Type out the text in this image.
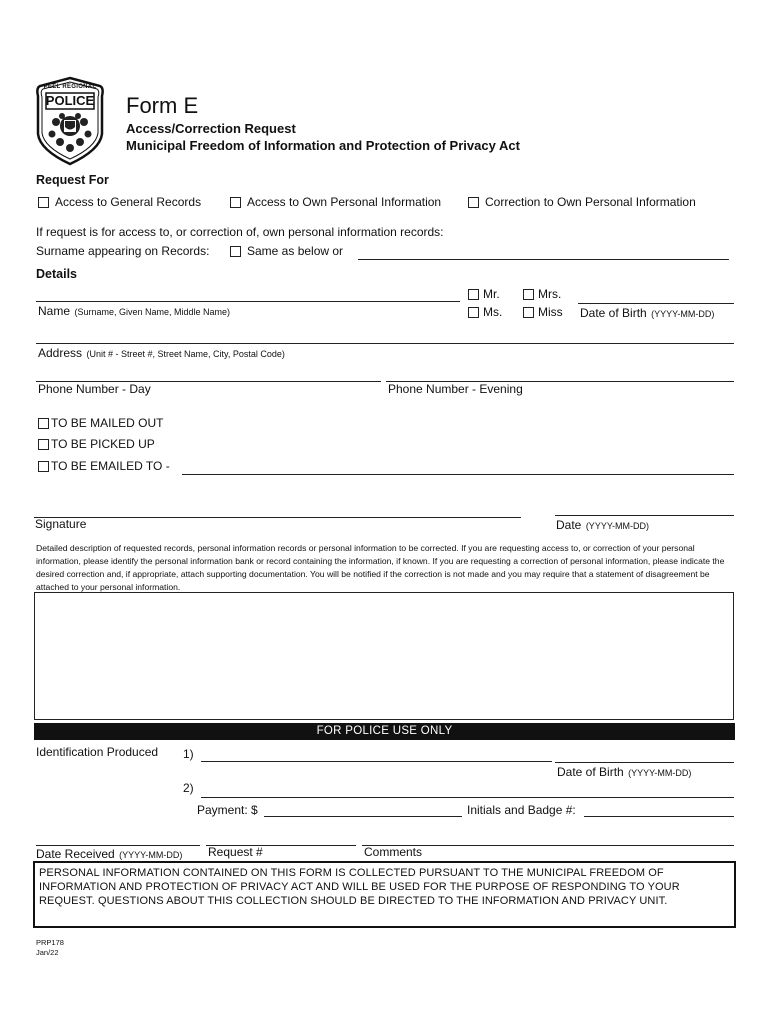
PEEL REGIONAL
POLICE	Form E
Access/Correction Request
Municipal Freedom of Information and Protection of Privacy Act
Request For
Access to General Records	Access to Own Personal Information	Correction to Own Personal Information
If request is for access to, or correction of, own personal information records:
Surname appearing on Records:	Same as below or
Details
Name (Surname, Given Name, Middle Name)
Mr.	Mrs.
Ms.	Miss Date of Birth (YYYY-MM-DD)
Address (Unit # - Street #, Street Name, City, Postal Code)
Phone Number - Day	Phone Number - Evening
TO BE MAILED OUT
TO BE PICKED UP
TO BE EMAILED TO -
Signature	Date (YYYY-MM-DD)
Detailed description of requested records, personal information records or personal information to be corrected. If you are requesting access to, or correction of your personal information, please identify the personal information bank or record containing the information, if known. If you are requesting a correction of personal information, please indicate the desired correction and, if appropriate, attach supporting documentation. You will be notified if the correction is not made and you may require that a statement of disagreement be attached to your personal information.
FOR POLICE USE ONLY
Identification Produced 1)
Date of Birth (YYYY-MM-DD)
2)
Payment: $	Initials and Badge #:
Date Received (YYYY-MM-DD) Request #	Comments
PERSONAL INFORMATION CONTAINED ON THIS FORM IS COLLECTED PURSUANT TO THE MUNICIPAL FREEDOM OF INFORMATION AND PROTECTION OF PRIVACY ACT AND WILL BE USED FOR THE PURPOSE OF RESPONDING TO YOUR REQUEST. QUESTIONS ABOUT THIS COLLECTION SHOULD BE DIRECTED TO THE INFORMATION AND PRIVACY UNIT.
PRP178
Jan/22
